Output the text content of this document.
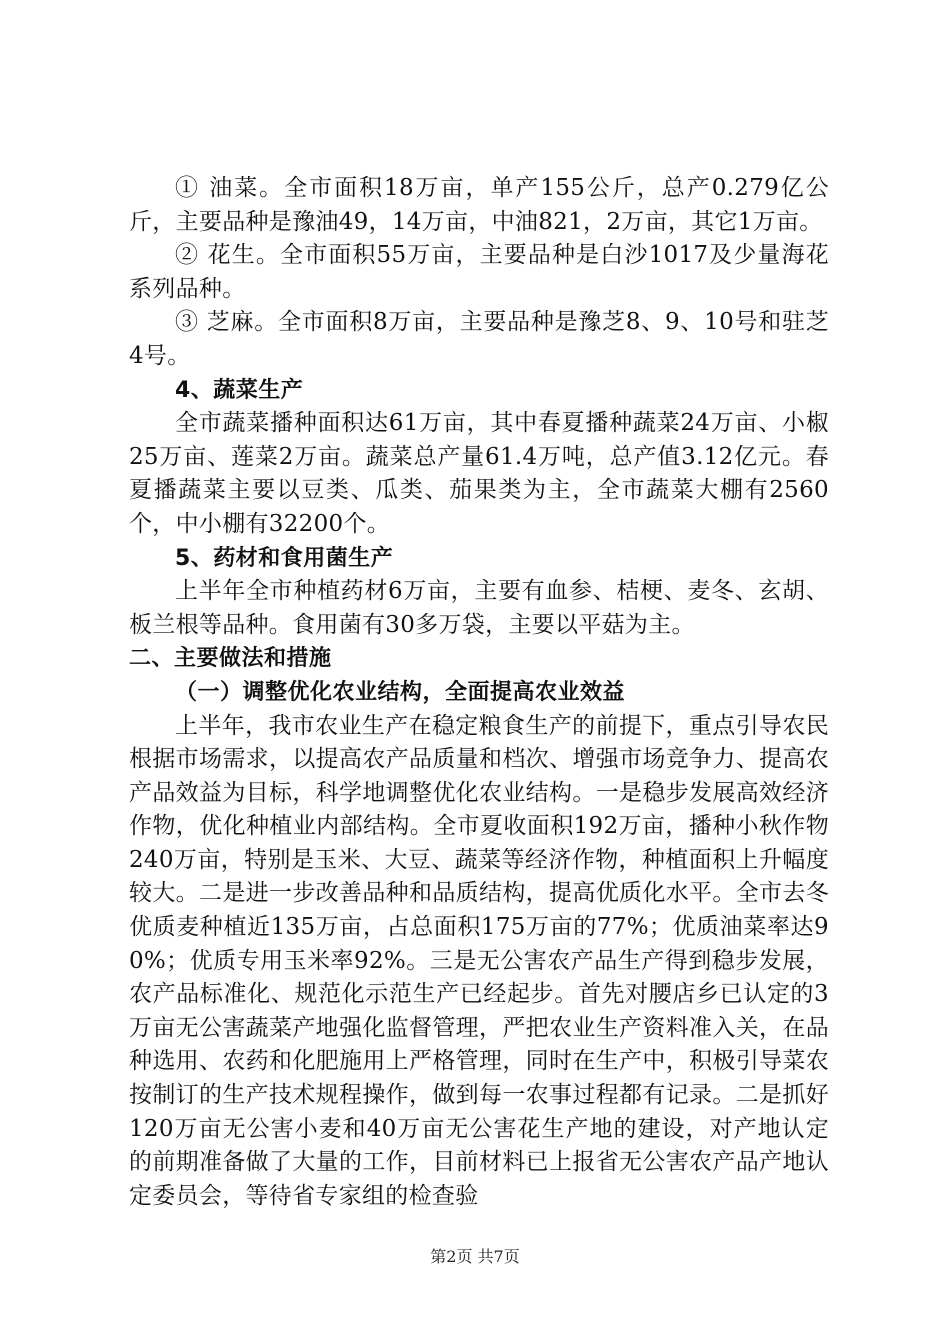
① 油菜。全市面积18万亩，单产155公斤，总产0.279亿公斤，主要品种是豫油49，14万亩，中油821，2万亩，其它1万亩。

② 花生。全市面积55万亩，主要品种是白沙1017及少量海花系列品种。

③ 芝麻。全市面积8万亩，主要品种是豫芝8、9、10号和驻芝4号。

4、蔬菜生产

全市蔬菜播种面积达61万亩，其中春夏播种蔬菜24万亩、小椒25万亩、莲菜2万亩。蔬菜总产量61.4万吨，总产值3.12亿元。春夏播蔬菜主要以豆类、瓜类、茄果类为主，全市蔬菜大棚有2560个，中小棚有32200个。

5、药材和食用菌生产

上半年全市种植药材6万亩，主要有血参、桔梗、麦冬、玄胡、板兰根等品种。食用菌有30多万袋，主要以平菇为主。

二、主要做法和措施

（一）调整优化农业结构，全面提高农业效益

上半年，我市农业生产在稳定粮食生产的前提下，重点引导农民根据市场需求，以提高农产品质量和档次、增强市场竞争力、提高农产品效益为目标，科学地调整优化农业结构。一是稳步发展高效经济作物，优化种植业内部结构。全市夏收面积192万亩，播种小秋作物240万亩，特别是玉米、大豆、蔬菜等经济作物，种植面积上升幅度较大。二是进一步改善品种和品质结构，提高优质化水平。全市去冬优质麦种植近135万亩，占总面积175万亩的77%；优质油菜率达90%；优质专用玉米率92%。三是无公害农产品生产得到稳步发展，农产品标准化、规范化示范生产已经起步。首先对腰店乡已认定的3万亩无公害蔬菜产地强化监督管理，严把农业生产资料准入关，在品种选用、农药和化肥施用上严格管理，同时在生产中，积极引导菜农按制订的生产技术规程操作，做到每一农事过程都有记录。二是抓好120万亩无公害小麦和40万亩无公害花生产地的建设，对产地认定的前期准备做了大量的工作，目前材料已上报省无公害农产品产地认定委员会，等待省专家组的检查验

第2页 共7页
